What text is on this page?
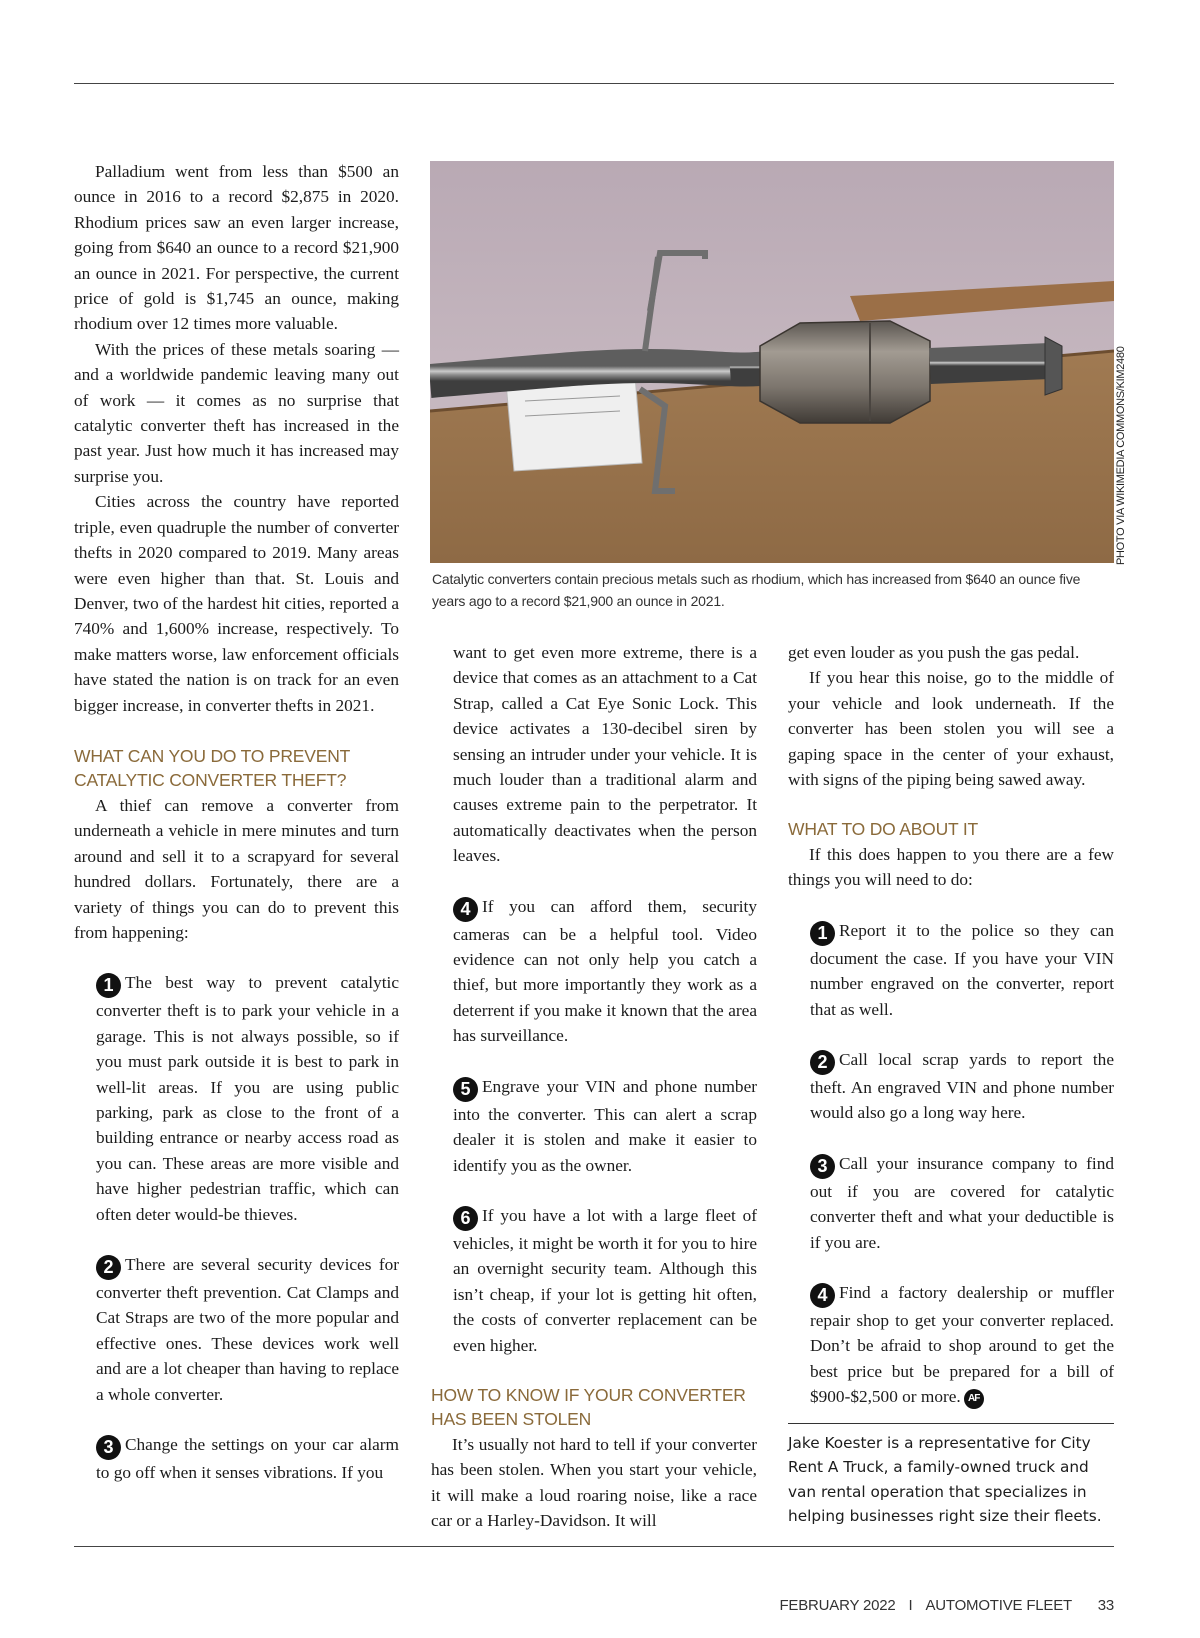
Palladium went from less than $500 an ounce in 2016 to a record $2,875 in 2020. Rhodium prices saw an even larger increase, going from $640 an ounce to a record $21,900 an ounce in 2021. For perspective, the current price of gold is $1,745 an ounce, making rhodium over 12 times more valuable.

With the prices of these metals soaring — and a worldwide pandemic leaving many out of work — it comes as no surprise that catalytic converter theft has increased in the past year. Just how much it has increased may surprise you.

Cities across the country have reported triple, even quadruple the number of converter thefts in 2020 compared to 2019. Many areas were even higher than that. St. Louis and Denver, two of the hardest hit cities, reported a 740% and 1,600% increase, respectively. To make matters worse, law enforcement officials have stated the nation is on track for an even bigger increase, in converter thefts in 2021.

WHAT CAN YOU DO TO PREVENT CATALYTIC CONVERTER THEFT?

A thief can remove a converter from underneath a vehicle in mere minutes and turn around and sell it to a scrapyard for several hundred dollars. Fortunately, there are a variety of things you can do to prevent this from happening:

1 The best way to prevent catalytic converter theft is to park your vehicle in a garage. This is not always possible, so if you must park outside it is best to park in well-lit areas. If you are using public parking, park as close to the front of a building entrance or nearby access road as you can. These areas are more visible and have higher pedestrian traffic, which can often deter would-be thieves.

2 There are several security devices for converter theft prevention. Cat Clamps and Cat Straps are two of the more popular and effective ones. These devices work well and are a lot cheaper than having to replace a whole converter.

3 Change the settings on your car alarm to go off when it senses vibrations. If you

PHOTO VIA WIKIMEDIA COMMONS/KIM2480
Catalytic converters contain precious metals such as rhodium, which has increased from $640 an ounce five years ago to a record $21,900 an ounce in 2021.

want to get even more extreme, there is a device that comes as an attachment to a Cat Strap, called a Cat Eye Sonic Lock. This device activates a 130-decibel siren by sensing an intruder under your vehicle. It is much louder than a traditional alarm and causes extreme pain to the perpetrator. It automatically deactivates when the person leaves.

4 If you can afford them, security cameras can be a helpful tool. Video evidence can not only help you catch a thief, but more importantly they work as a deterrent if you make it known that the area has surveillance.

5 Engrave your VIN and phone number into the converter. This can alert a scrap dealer it is stolen and make it easier to identify you as the owner.

6 If you have a lot with a large fleet of vehicles, it might be worth it for you to hire an overnight security team. Although this isn’t cheap, if your lot is getting hit often, the costs of converter replacement can be even higher.

HOW TO KNOW IF YOUR CONVERTER HAS BEEN STOLEN

It’s usually not hard to tell if your converter has been stolen. When you start your vehicle, it will make a loud roaring noise, like a race car or a Harley-Davidson. It will

get even louder as you push the gas pedal.

If you hear this noise, go to the middle of your vehicle and look underneath. If the converter has been stolen you will see a gaping space in the center of your exhaust, with signs of the piping being sawed away.

WHAT TO DO ABOUT IT

If this does happen to you there are a few things you will need to do:

1 Report it to the police so they can document the case. If you have your VIN number engraved on the converter, report that as well.

2 Call local scrap yards to report the theft. An engraved VIN and phone number would also go a long way here.

3 Call your insurance company to find out if you are covered for catalytic converter theft and what your deductible is if you are.

4 Find a factory dealership or muffler repair shop to get your converter replaced. Don’t be afraid to shop around to get the best price but be prepared for a bill of $900-$2,500 or more. AF

Jake Koester is a representative for City Rent A Truck, a family-owned truck and van rental operation that specializes in helping businesses right size their fleets.
FEBRUARY 2022 I AUTOMOTIVE FLEET 33
